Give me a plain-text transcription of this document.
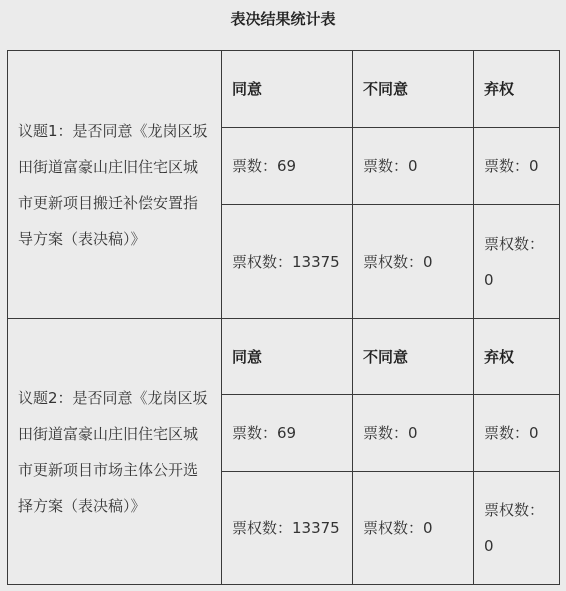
表决结果统计表
议题1：是否同意《龙岗区坂田街道富豪山庄旧住宅区城市更新项目搬迁补偿安置指导方案（表决稿）》	同意	不同意	弃权
	票数：69	票数：0	票数：0
	票权数：13375	票权数：0	票权数：0
议题2：是否同意《龙岗区坂田街道富豪山庄旧住宅区城市更新项目市场主体公开选择方案（表决稿）》	同意	不同意	弃权
	票数：69	票数：0	票数：0
	票权数：13375	票权数：0	票权数：0
